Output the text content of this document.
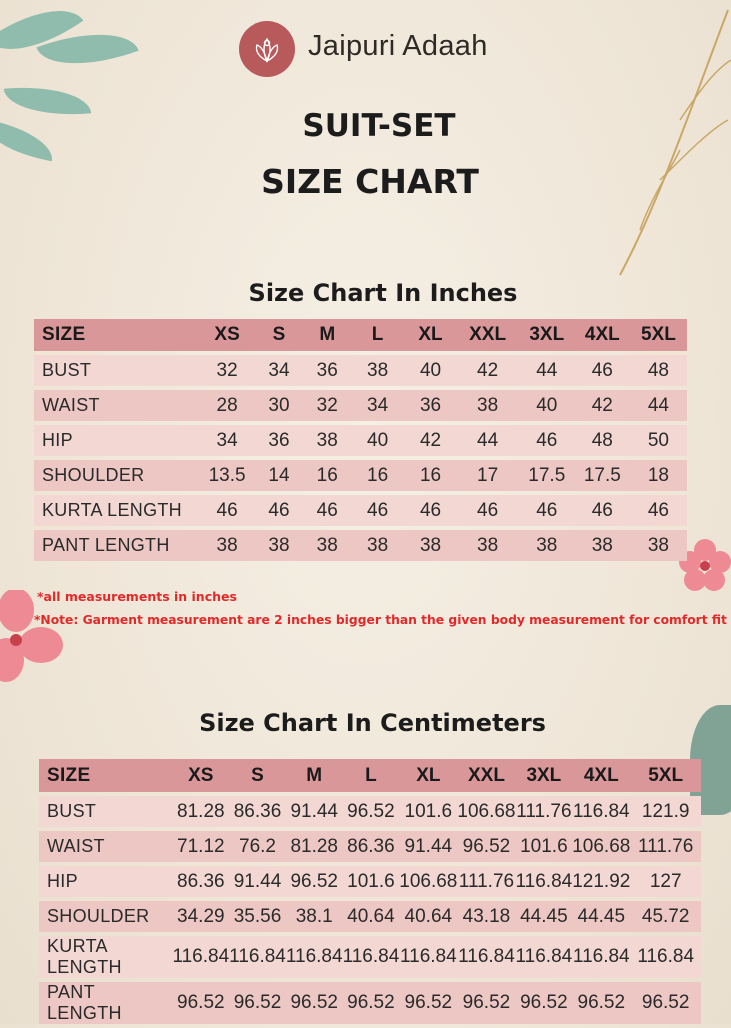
Jaipuri Adaah
SUIT-SET
SIZE CHART
Size Chart In Inches
SIZE	XS	S	M	L	XL	XXL	3XL	4XL	5XL
BUST	32	34	36	38	40	42	44	46	48
WAIST	28	30	32	34	36	38	40	42	44
HIP	34	36	38	40	42	44	46	48	50
SHOULDER	13.5	14	16	16	16	17	17.5	17.5	18
KURTA LENGTH	46	46	46	46	46	46	46	46	46
PANT LENGTH	38	38	38	38	38	38	38	38	38
*all measurements in inches
*Note: Garment measurement are 2 inches bigger than the given body measurement for comfort fit
Size Chart In Centimeters
SIZE	XS	S	M	L	XL	XXL	3XL	4XL	5XL
BUST	81.28	86.36	91.44	96.52	101.6	106.68	111.76	116.84	121.9
WAIST	71.12	76.2	81.28	86.36	91.44	96.52	101.6	106.68	111.76
HIP	86.36	91.44	96.52	101.6	106.68	111.76	116.84	121.92	127
SHOULDER	34.29	35.56	38.1	40.64	40.64	43.18	44.45	44.45	45.72
KURTA LENGTH	116.84	116.84	116.84	116.84	116.84	116.84	116.84	116.84	116.84
PANT LENGTH	96.52	96.52	96.52	96.52	96.52	96.52	96.52	96.52	96.52
